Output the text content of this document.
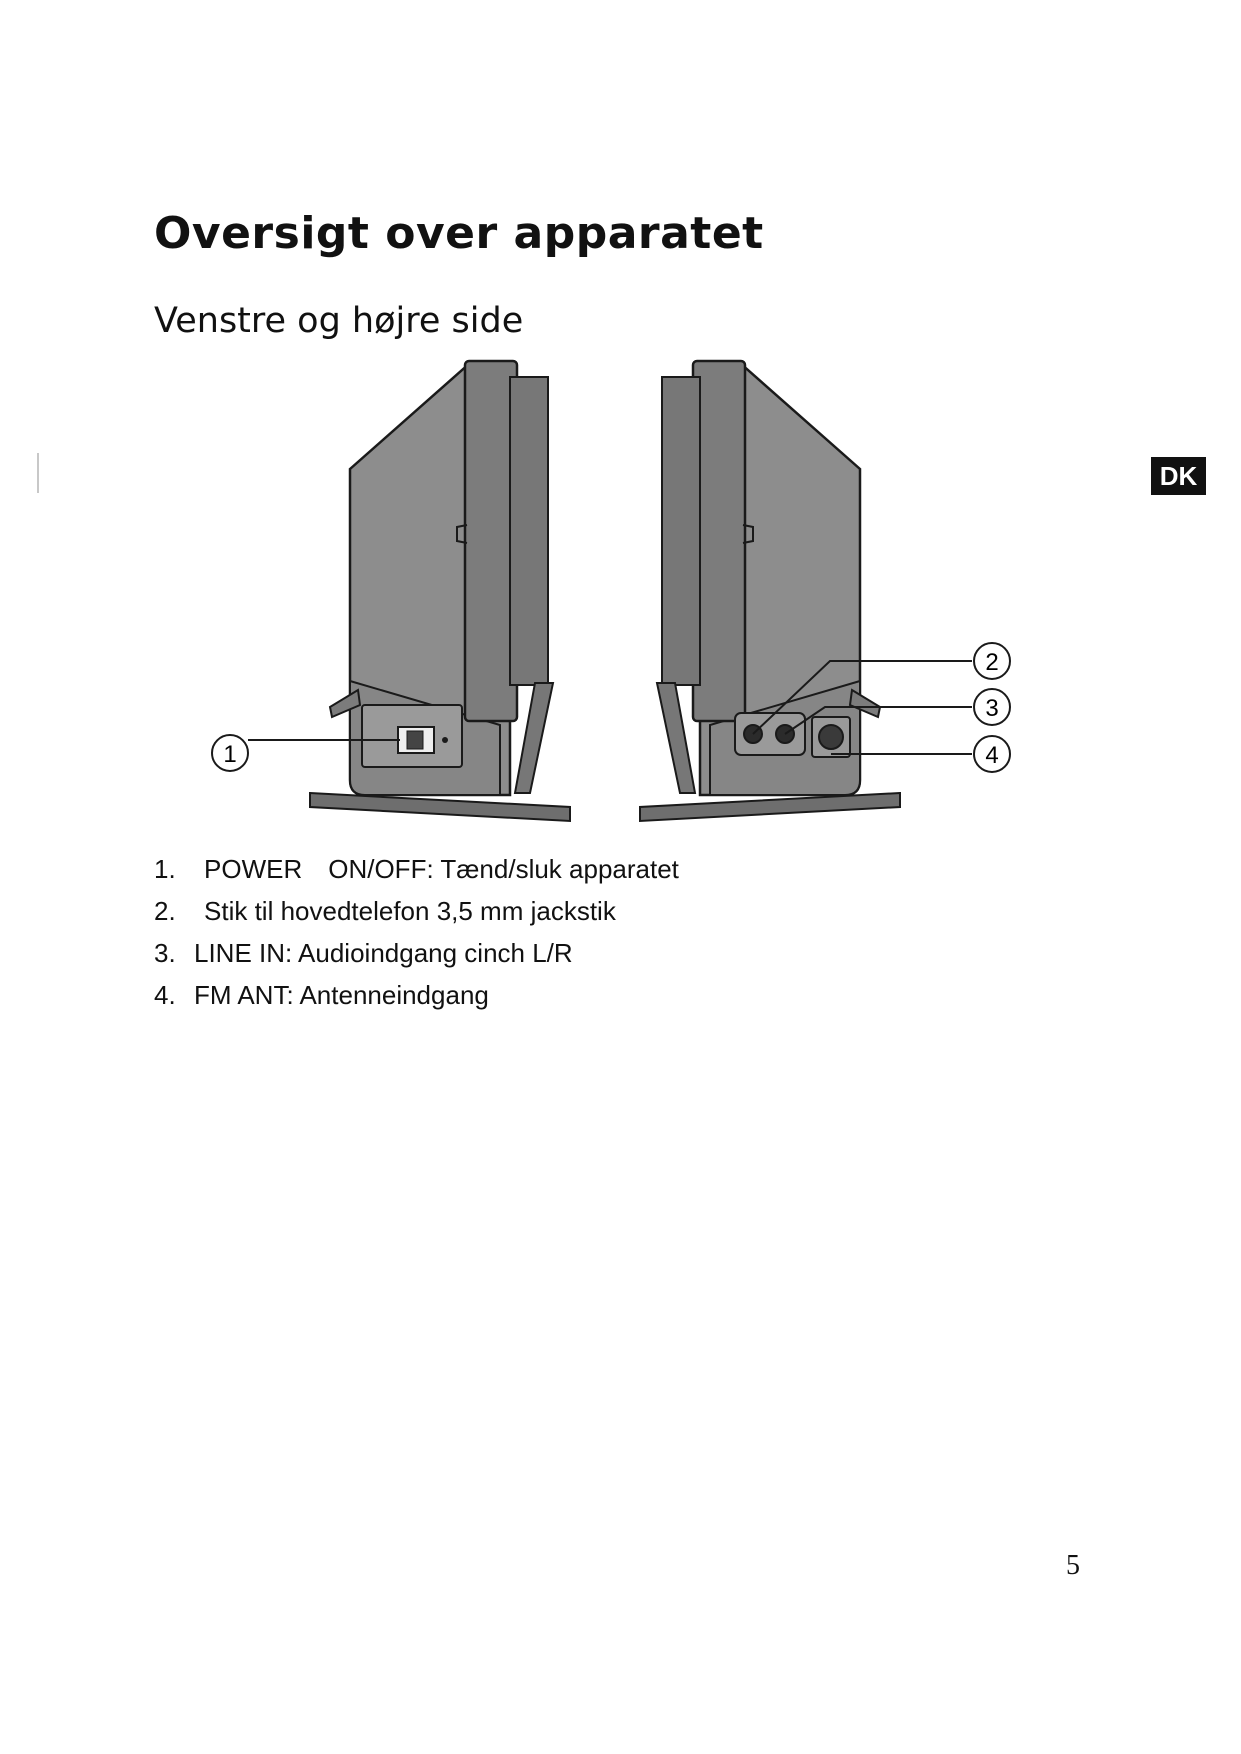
Oversigt over apparatet
Venstre og højre side
DK
1
2
3
4
1. POWER ON/OFF: Tænd/sluk apparatet
2. Stik til hovedtelefon 3,5 mm jackstik
3. LINE IN: Audioindgang cinch L/R
4. FM ANT: Antenneindgang
5
